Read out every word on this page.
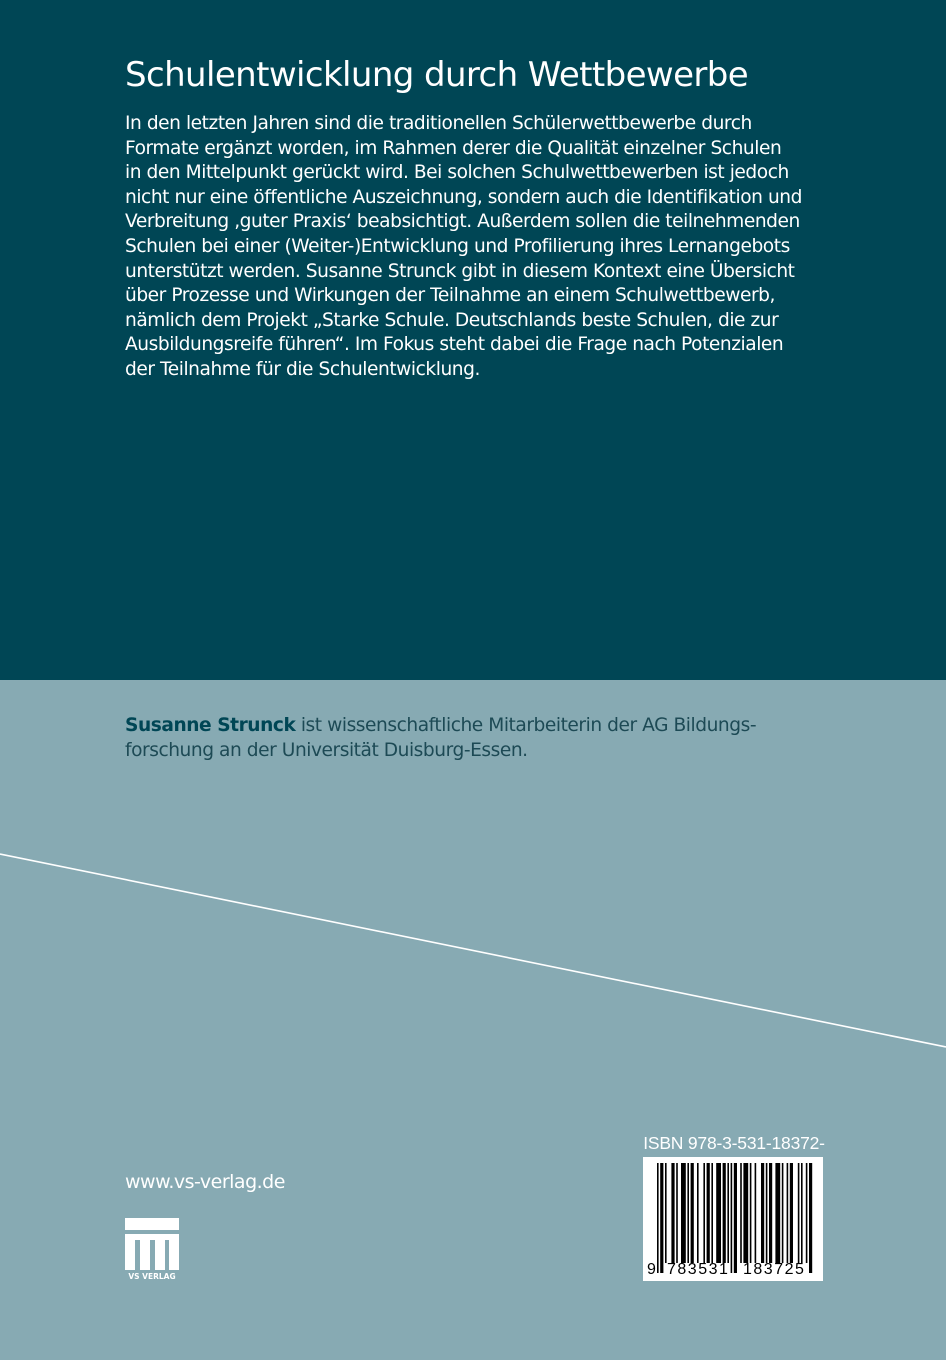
Schulentwicklung durch Wettbewerbe
In den letzten Jahren sind die traditionellen Schülerwettbewerbe durch
Formate ergänzt worden, im Rahmen derer die Qualität einzelner Schulen
in den Mittelpunkt gerückt wird. Bei solchen Schulwettbewerben ist jedoch
nicht nur eine öffentliche Auszeichnung, sondern auch die Identifikation und
Verbreitung ‚guter Praxis‘ beabsichtigt. Außerdem sollen die teilnehmenden
Schulen bei einer (Weiter-)Entwicklung und Profilierung ihres Lernangebots
unterstützt werden. Susanne Strunck gibt in diesem Kontext eine Übersicht
über Prozesse und Wirkungen der Teilnahme an einem Schulwettbewerb,
nämlich dem Projekt „Starke Schule. Deutschlands beste Schulen, die zur
Ausbildungsreife führen“. Im Fokus steht dabei die Frage nach Potenzialen
der Teilnahme für die Schulentwicklung.
Susanne Strunck ist wissenschaftliche Mitarbeiterin der AG Bildungs-
forschung an der Universität Duisburg-Essen.
www.vs-verlag.de
VS VERLAG
ISBN 978-3-531-18372-
9 783531 183725
